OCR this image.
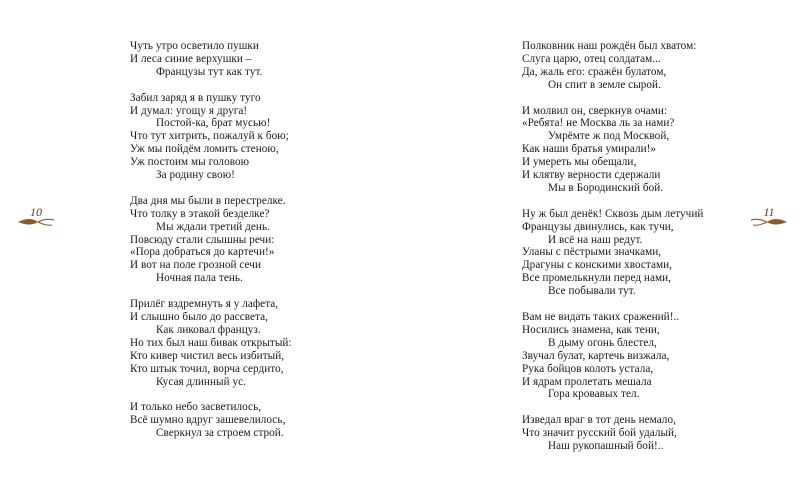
10
Чуть утро осветило пушки
И леса синие верхушки –
Французы тут как тут.
Забил заряд я в пушку туго
И думал: угощу я друга!
Постой-ка, брат мусью!
Что тут хитрить, пожалуй к бою;
Уж мы пойдём ломить стеною,
Уж постоим мы головою
За родину свою!
Два дня мы были в перестрелке.
Что толку в этакой безделке?
Мы ждали третий день.
Повсюду стали слышны речи:
«Пора добраться до картечи!»
И вот на поле грозной сечи
Ночная пала тень.
Прилёг вздремнуть я у лафета,
И слышно было до рассвета,
Как ликовал француз.
Но тих был наш бивак открытый:
Кто кивер чистил весь избитый,
Кто штык точил, ворча сердито,
Кусая длинный ус.
И только небо засветилось,
Всё шумно вдруг зашевелилось,
Сверкнул за строем строй.
11
Полковник наш рождён был хватом:
Слуга царю, отец солдатам...
Да, жаль его: сражён булатом,
Он спит в земле сырой.
И молвил он, сверкнув очами:
«Ребята! не Москва ль за нами?
Умрёмте ж под Москвой,
Как наши братья умирали!»
И умереть мы обещали,
И клятву верности сдержали
Мы в Бородинский бой.
Ну ж был денёк! Сквозь дым летучий
Французы двинулись, как тучи,
И всё на наш редут.
Уланы с пёстрыми значками,
Драгуны с конскими хвостами,
Все промелькнули перед нами,
Все побывали тут.
Вам не видать таких сражений!..
Носились знамена, как тени,
В дыму огонь блестел,
Звучал булат, картечь визжала,
Рука бойцов колоть устала,
И ядрам пролетать мешала
Гора кровавых тел.
Изведал враг в тот день немало,
Что значит русский бой удалый,
Наш рукопашный бой!..
